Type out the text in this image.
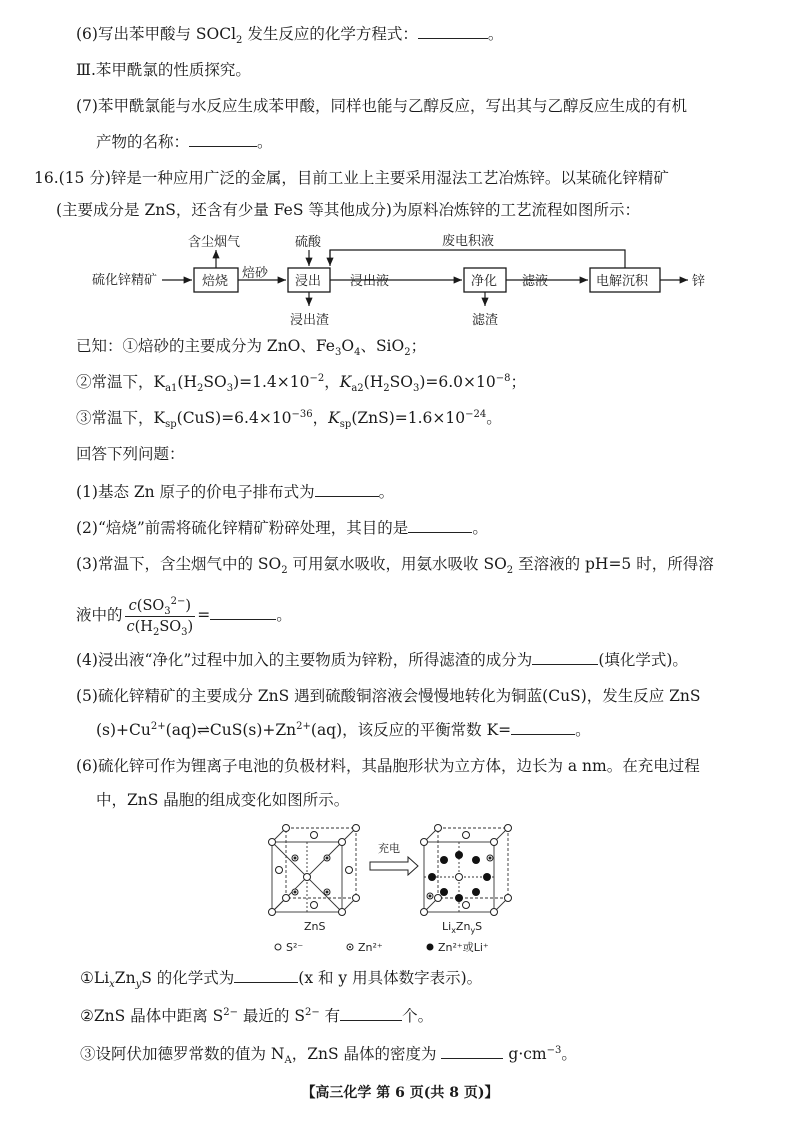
(6)写出苯甲酸与 SOCl$_2$ 发生反应的化学方程式：	。
Ⅲ.苯甲酰氯的性质探究。
(7)苯甲酰氯能与水反应生成苯甲酸，同样也能与乙醇反应，写出其与乙醇反应生成的有机
产物的名称：	。
16.(15 分)锌是一种应用广泛的金属，目前工业上主要采用湿法工艺冶炼锌。以某硫化锌精矿
(主要成分是 ZnS，还含有少量 FeS 等其他成分)为原料冶炼锌的工艺流程如图所示：
硫化锌精矿	焙烧
含尘烟气
焙砂
浸出
硫酸
浸出渣
浸出液	净化
滤渣
滤液	电解沉积
废电积液
锌
已知：①焙砂的主要成分为 ZnO、$Fe_3O_4$、SiO$_2$；
②常温下，$K_{a1}(H_2SO_3)=1.4\times 10^{-2}$，$K_{a2}(H_2SO_3)=6.0\times 10^{-8}$；
③常温下，$K_{sp}(CuS)=6.4\times 10^{-36}$，$K_{sp}(ZnS)=1.6\times 10^{-24}$。
回答下列问题：
(1)基态 Zn 原子的价电子排布式为	。
(2)“焙烧”前需将硫化锌精矿粉碎处理，其目的是	。
(3)常温下，含尘烟气中的 $SO_2$ 可用氨水吸收，用氨水吸收 $SO_2$ 至溶液的 pH=5 时，所得溶
液中的 $\frac{c(SO_3^{2-})}{c(H_2SO_3)}$ =	。
(4)浸出液“净化”过程中加入的主要物质为锌粉，所得滤渣的成分为	(填化学式)。
(5)硫化锌精矿的主要成分 ZnS 遇到硫酸铜溶液会慢慢地转化为铜蓝(CuS)，发生反应 ZnS
$(s)+Cu^{2+}(aq)\rightleftharpoons CuS(s)+Zn^{2+}(aq)$，该反应的平衡常数 K=	。
(6)硫化锌可作为锂离子电池的负极材料，其晶胞形状为立方体，边长为 a nm。在充电过程
中，ZnS 晶胞的组成变化如图所示。
ZnS
充电
$Li_xZn_yS$
S²⁻	Zn²⁺	Zn²⁺或Li⁺
$①Li_xZn_yS$ 的化学式为	(x 和 y 用具体数字表示)。
②ZnS 晶体中距离 $S^{2-}$ 最近的 $S^{2-}$ 有	个。
③设阿伏加德罗常数的值为 $N_A$，ZnS 晶体的密度为	$g\cdot cm^{-3}$。
【高三化学 第 6 页(共 8 页)】
